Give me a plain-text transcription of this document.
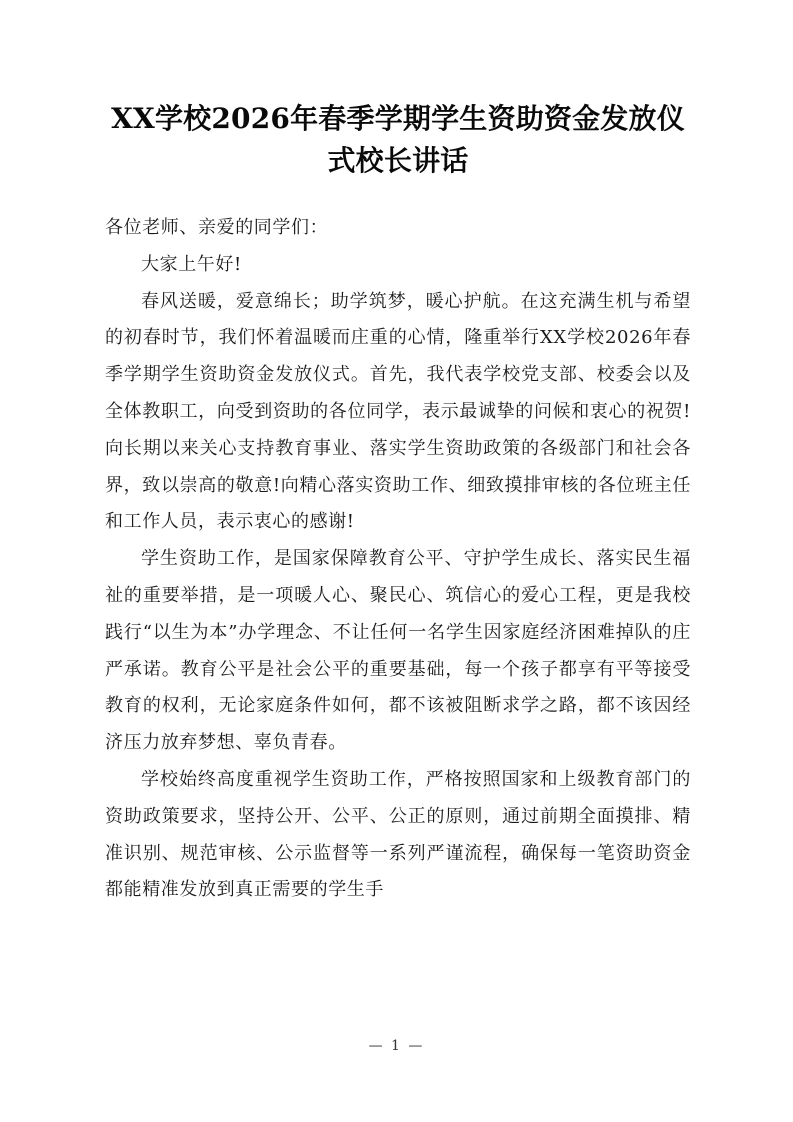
XX学校2026年春季学期学生资助资金发放仪式校长讲话

各位老师、亲爱的同学们：

大家上午好!

春风送暖，爱意绵长；助学筑梦，暖心护航。在这充满生机与希望的初春时节，我们怀着温暖而庄重的心情，隆重举行XX学校2026年春季学期学生资助资金发放仪式。首先，我代表学校党支部、校委会以及全体教职工，向受到资助的各位同学，表示最诚挚的问候和衷心的祝贺!向长期以来关心支持教育事业、落实学生资助政策的各级部门和社会各界，致以崇高的敬意!向精心落实资助工作、细致摸排审核的各位班主任和工作人员，表示衷心的感谢!

学生资助工作，是国家保障教育公平、守护学生成长、落实民生福祉的重要举措，是一项暖人心、聚民心、筑信心的爱心工程，更是我校践行“以生为本”办学理念、不让任何一名学生因家庭经济困难掉队的庄严承诺。教育公平是社会公平的重要基础，每一个孩子都享有平等接受教育的权利，无论家庭条件如何，都不该被阻断求学之路，都不该因经济压力放弃梦想、辜负青春。

学校始终高度重视学生资助工作，严格按照国家和上级教育部门的资助政策要求，坚持公开、公平、公正的原则，通过前期全面摸排、精准识别、规范审核、公示监督等一系列严谨流程，确保每一笔资助资金都能精准发放到真正需要的学生手

— 1 —
